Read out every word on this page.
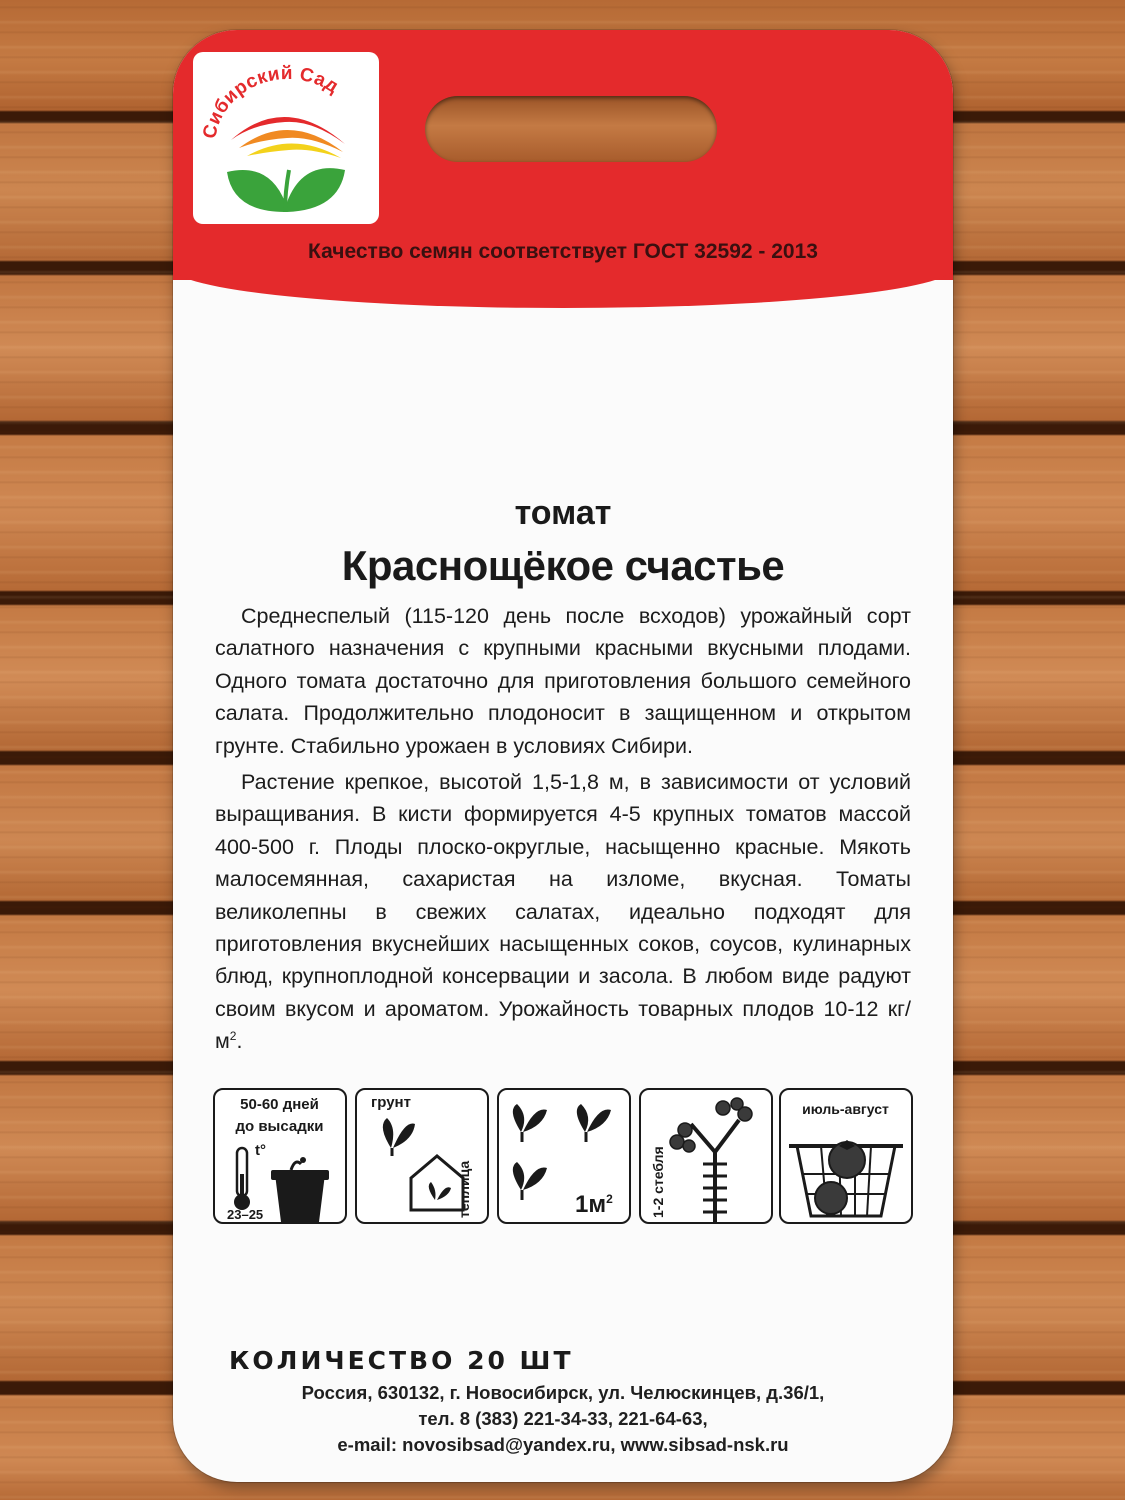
Сибирский Сад
Качество семян соответствует ГОСТ 32592 - 2013
томат
Краснощёкое счастье

Среднеспелый (115-120 день после всходов) урожайный сорт салатного назначения с крупными красными вкусными плодами. Одного томата достаточно для приготовления большого семейного салата. Продолжительно плодоносит в защищенном и открытом грунте. Стабильно урожаен в условиях Сибири.

Растение крепкое, высотой 1,5-1,8 м, в зависимости от условий выращивания. В кисти формируется 4-5 крупных томатов массой 400-500 г. Плоды плоско-округлые, насыщенно красные. Мякоть малосемянная, сахаристая на изломе, вкусная. Томаты великолепны в свежих салатах, идеально подходят для приготовления вкуснейших насыщенных соков, соусов, кулинарных блюд, крупноплодной консервации и засола. В любом виде радуют своим вкусом и ароматом. Урожайность товарных плодов 10-12 $кг/м^2$.

50-60 дней
до высадки
t°
23–25
грунт
теплица	$1м^2$	1-2 стебля
июль-август
КОЛИЧЕСТВО 20 ШТ
Россия, 630132, г. Новосибирск, ул. Челюскинцев, д.36/1,
тел. 8 (383) 221-34-33, 221-64-63,
e-mail: novosibsad@yandex.ru, www.sibsad-nsk.ru
